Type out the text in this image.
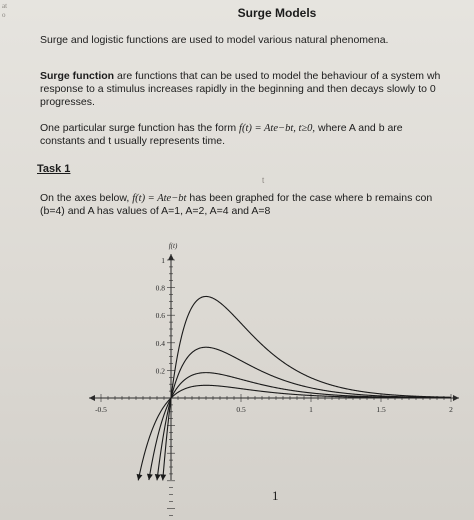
at
o	Surge Models
Surge and logistic functions are used to model various natural phenomena.
Surge function are functions that can be used to model the behaviour of a system wh
response to a stimulus increases rapidly in the beginning and then decays slowly to 0
progresses.
One particular surge function has the form f(t) = Ate−bt, t≥0, where A and b are
constants and t usually represents time.
t
Task 1
On the axes below, f(t) = Ate−bt has been graphed for the case where b remains con
(b=4) and A has values of A=1, A=2, A=4 and A=8
-0.5	0.5	1	1.5	2
0.2
0.4
0.6
0.8
1
f(t)
1
